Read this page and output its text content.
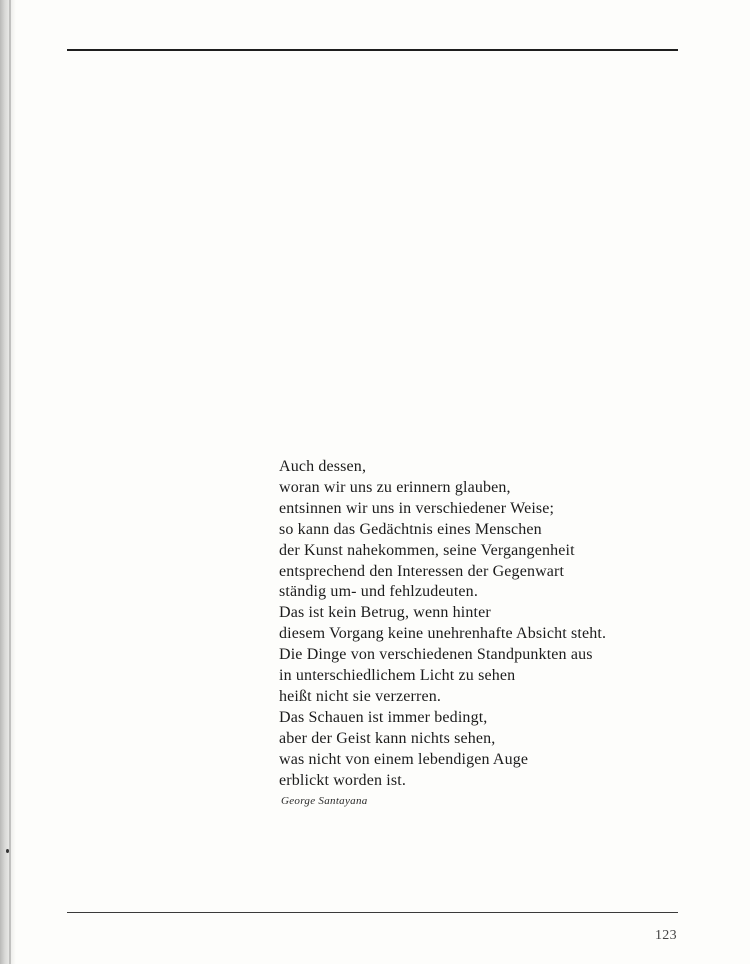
Auch dessen,
woran wir uns zu erinnern glauben,
entsinnen wir uns in verschiedener Weise;
so kann das Gedächtnis eines Menschen
der Kunst nahekommen, seine Vergangenheit
entsprechend den Interessen der Gegenwart
ständig um- und fehlzudeuten.
Das ist kein Betrug, wenn hinter
diesem Vorgang keine unehrenhafte Absicht steht.
Die Dinge von verschiedenen Standpunkten aus
in unterschiedlichem Licht zu sehen
heißt nicht sie verzerren.
Das Schauen ist immer bedingt,
aber der Geist kann nichts sehen,
was nicht von einem lebendigen Auge
erblickt worden ist.
George Santayana
123
